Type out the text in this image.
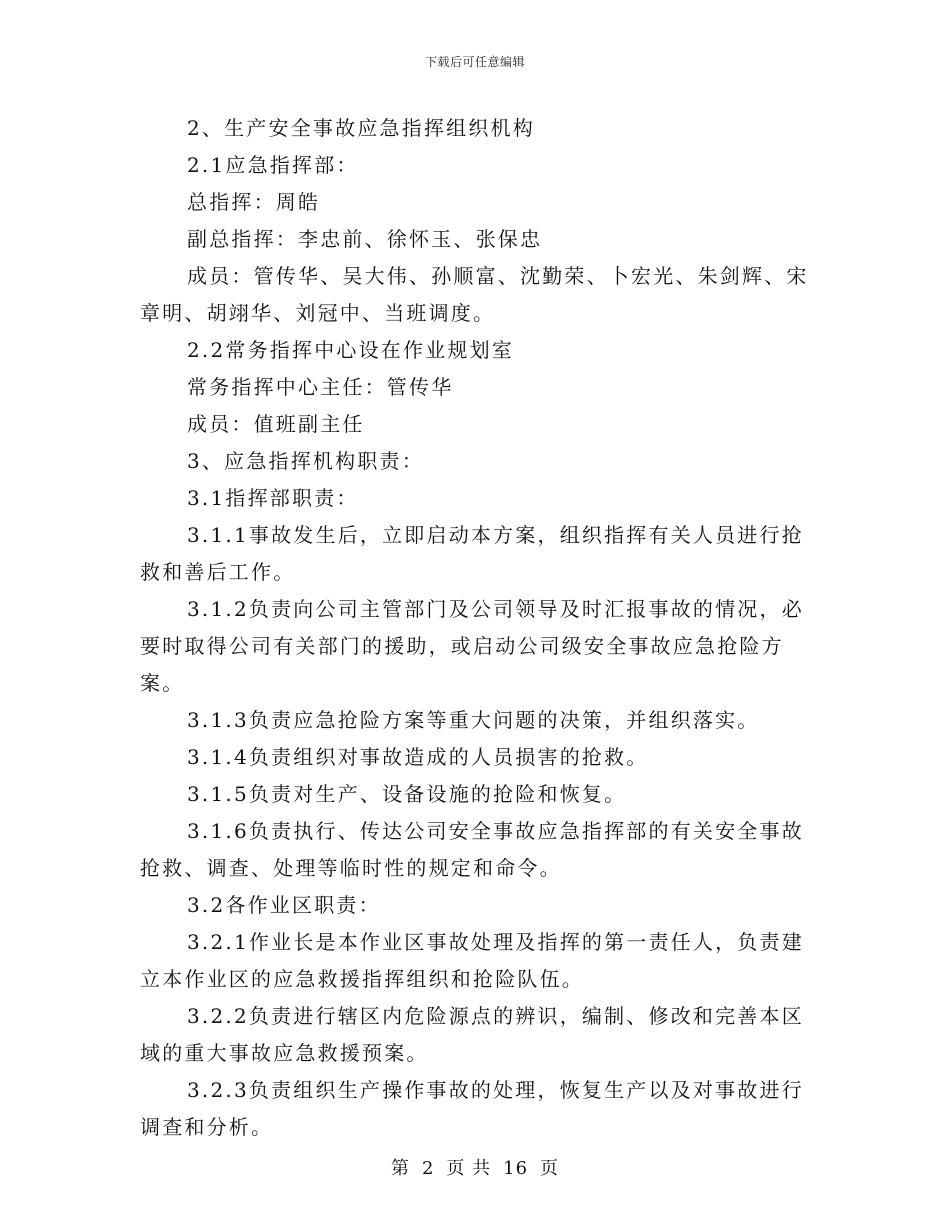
下载后可任意编辑

2、生产安全事故应急指挥组织机构

2.1应急指挥部：

总指挥：周皓

副总指挥：李忠前、徐怀玉、张保忠

成员：管传华、吴大伟、孙顺富、沈勤荣、卜宏光、朱剑辉、宋章明、胡翊华、刘冠中、当班调度。

2.2常务指挥中心设在作业规划室

常务指挥中心主任：管传华

成员：值班副主任

3、应急指挥机构职责：

3.1指挥部职责：

3.1.1事故发生后，立即启动本方案，组织指挥有关人员进行抢救和善后工作。

3.1.2负责向公司主管部门及公司领导及时汇报事故的情况，必要时取得公司有关部门的援助，或启动公司级安全事故应急抢险方案。

3.1.3负责应急抢险方案等重大问题的决策，并组织落实。

3.1.4负责组织对事故造成的人员损害的抢救。

3.1.5负责对生产、设备设施的抢险和恢复。

3.1.6负责执行、传达公司安全事故应急指挥部的有关安全事故抢救、调查、处理等临时性的规定和命令。

3.2各作业区职责：

3.2.1作业长是本作业区事故处理及指挥的第一责任人，负责建立本作业区的应急救援指挥组织和抢险队伍。

3.2.2负责进行辖区内危险源点的辨识，编制、修改和完善本区域的重大事故应急救援预案。

3.2.3负责组织生产操作事故的处理，恢复生产以及对事故进行调查和分析。

第 2 页 共 16 页
